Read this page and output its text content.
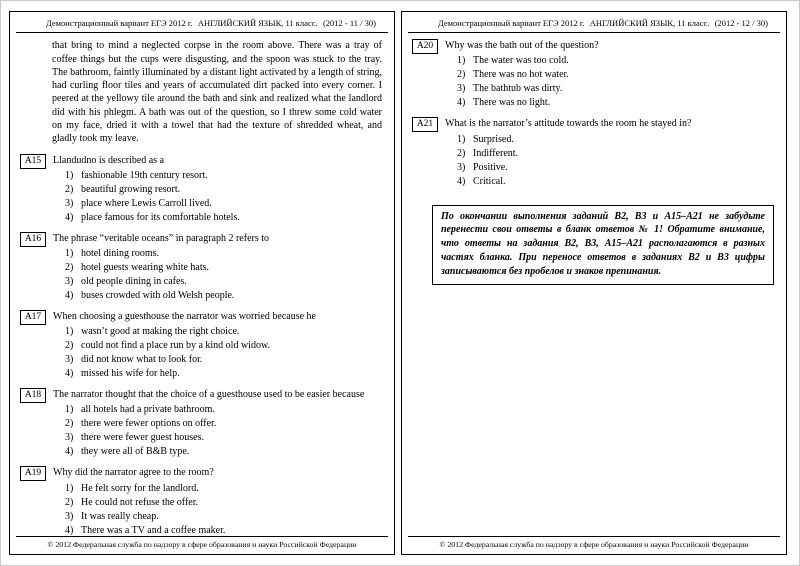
Демонстрационный вариант ЕГЭ 2012 г. АНГЛИЙСКИЙ ЯЗЫК, 11 класс. (2012 - 11 / 30)

that bring to mind a neglected corpse in the room above. There was a tray of coffee things but the cups were disgusting, and the spoon was stuck to the tray. The bathroom, faintly illuminated by a distant light activated by a length of string, had curling floor tiles and years of accumulated dirt packed into every corner. I peered at the yellowy tile around the bath and sink and realized what the landlord did with his phlegm. A bath was out of the question, so I threw some cold water on my face, dried it with a towel that had the texture of shredded wheat, and gladly took my leave.

A15	Llandudno is described as a
1) fashionable 19th century resort.
2) beautiful growing resort.
3) place where Lewis Carroll lived.
4) place famous for its comfortable hotels.
A16	The phrase “veritable oceans” in paragraph 2 refers to
1) hotel dining rooms.
2) hotel guests wearing white hats.
3) old people dining in cafes.
4) buses crowded with old Welsh people.
A17	When choosing a guesthouse the narrator was worried because he
1) wasn’t good at making the right choice.
2) could not find a place run by a kind old widow.
3) did not know what to look for.
4) missed his wife for help.
A18	The narrator thought that the choice of a guesthouse used to be easier because
1) all hotels had a private bathroom.
2) there were fewer options on offer.
3) there were fewer guest houses.
4) they were all of B&B type.
A19	Why did the narrator agree to the room?
1) He felt sorry for the landlord.
2) He could not refuse the offer.
3) It was really cheap.
4) There was a TV and a coffee maker.
© 2012 Федеральная служба по надзору в сфере образования и науки Российской Федерации
Демонстрационный вариант ЕГЭ 2012 г. АНГЛИЙСКИЙ ЯЗЫК, 11 класс. (2012 - 12 / 30)
A20	Why was the bath out of the question?
1) The water was too cold.
2) There was no hot water.
3) The bathtub was dirty.
4) There was no light.
A21	What is the narrator’s attitude towards the room he stayed in?
1) Surprised.
2) Indifferent.
3) Positive.
4) Critical.
По окончании выполнения заданий В2, В3 и А15–А21 не забудьте перенести свои ответы в бланк ответов № 1! Обратите внимание, что ответы на задания В2, В3, А15–А21 располагаются в разных частях бланка. При переносе ответов в заданиях В2 и В3 цифры записываются без пробелов и знаков препинания.
© 2012 Федеральная служба по надзору в сфере образования и науки Российской Федерации
